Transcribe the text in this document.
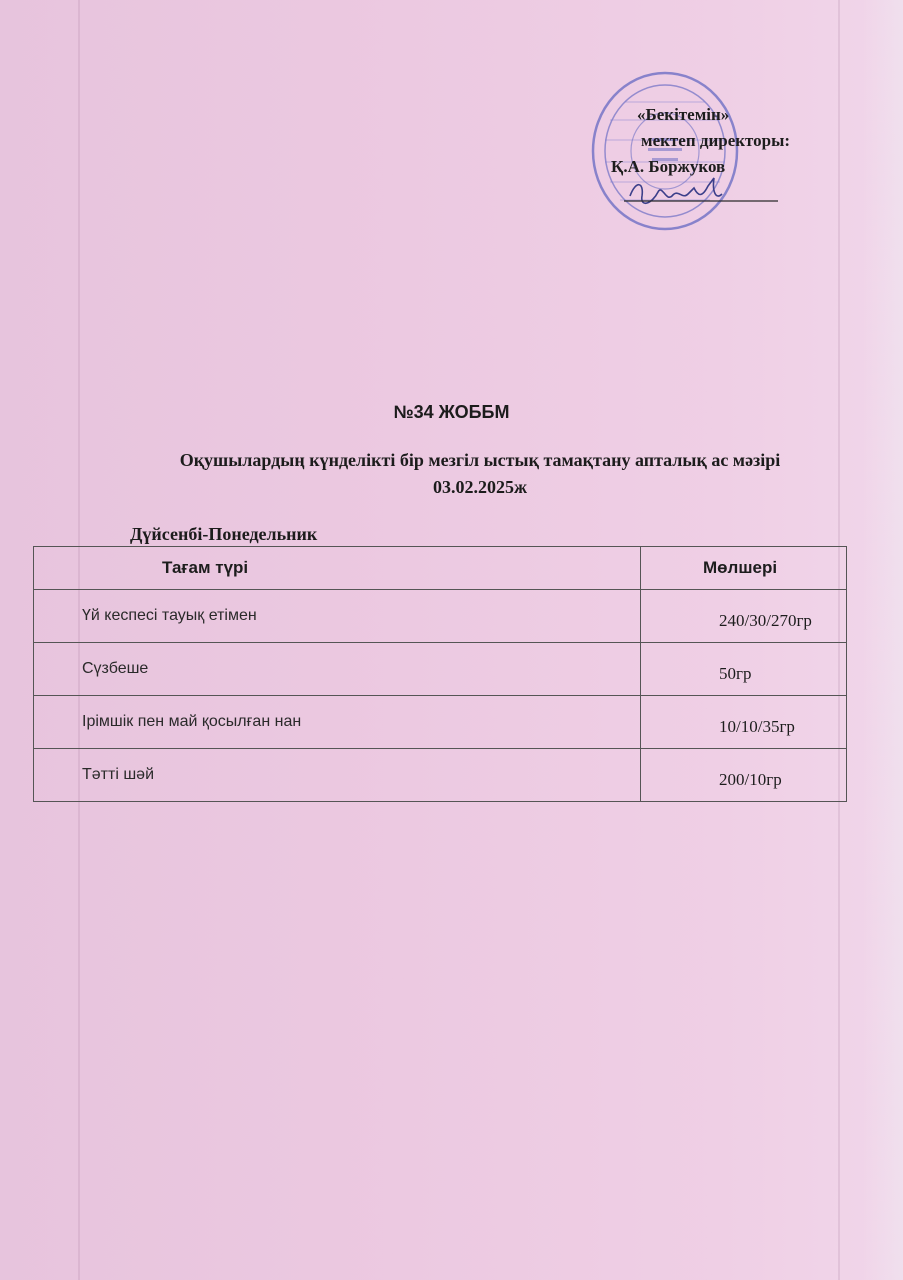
«Бекітемін»
мектеп директоры:
Қ.А. Боржуков
№34 ЖОББМ
Оқушылардың күнделікті бір мезгіл ыстық тамақтану апталық ас мәзірі
03.02.2025ж
Дүйсенбі-Понедельник
Тағам түрі	Мөлшері
Үй кеспесі тауық етімен	240/30/270гр
Сүзбеше	50гр
Ірімшік пен май қосылған нан	10/10/35гр
Тәтті шәй	200/10гр
